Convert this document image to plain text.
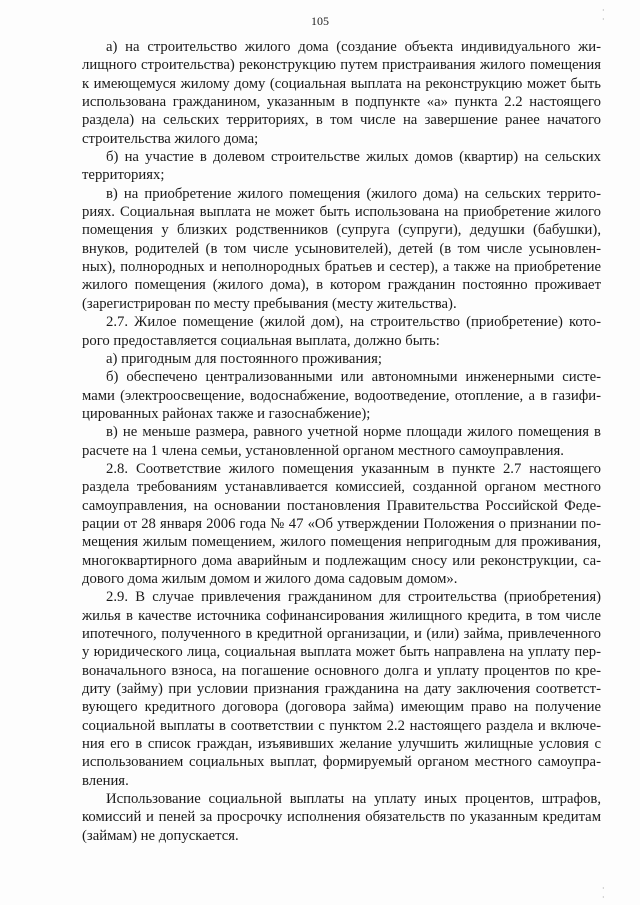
· ·
105

а) на строительство жилого дома (создание объекта индивидуального жилищного строительства) реконструкцию путем пристраивания жилого помещения к имеющемуся жилому дому (социальная выплата на реконструкцию может быть использована гражданином, указанным в подпункте «а» пункта 2.2 настоящего раздела) на сельских территориях, в том числе на завершение ранее начатого строительства жилого дома;

б) на участие в долевом строительстве жилых домов (квартир) на сельских территориях;

в) на приобретение жилого помещения (жилого дома) на сельских территориях. Социальная выплата не может быть использована на приобретение жилого помещения у близких родственников (супруга (супруги), дедушки (бабушки), внуков, родителей (в том числе усыновителей), детей (в том числе усыновленных), полнородных и неполнородных братьев и сестер), а также на приобретение жилого помещения (жилого дома), в котором гражданин постоянно проживает (зарегистрирован по месту пребывания (месту жительства).

2.7. Жилое помещение (жилой дом), на строительство (приобретение) которого предоставляется социальная выплата, должно быть:

а) пригодным для постоянного проживания;

б) обеспечено централизованными или автономными инженерными системами (электроосвещение, водоснабжение, водоотведение, отопление, а в газифицированных районах также и газоснабжение);

в) не меньше размера, равного учетной норме площади жилого помещения в расчете на 1 члена семьи, установленной органом местного самоуправления.

2.8. Соответствие жилого помещения указанным в пункте 2.7 настоящего раздела требованиям устанавливается комиссией, созданной органом местного самоуправления, на основании постановления Правительства Российской Федерации от 28 января 2006 года № 47 «Об утверждении Положения о признании помещения жилым помещением, жилого помещения непригодным для проживания, многоквартирного дома аварийным и подлежащим сносу или реконструкции, садового дома жилым домом и жилого дома садовым домом».

2.9. В случае привлечения гражданином для строительства (приобретения) жилья в качестве источника софинансирования жилищного кредита, в том числе ипотечного, полученного в кредитной организации, и (или) займа, привлеченного у юридического лица, социальная выплата может быть направлена на уплату первоначального взноса, на погашение основного долга и уплату процентов по кредиту (займу) при условии признания гражданина на дату заключения соответствующего кредитного договора (договора займа) имеющим право на получение социальной выплаты в соответствии с пунктом 2.2 настоящего раздела и включения его в список граждан, изъявивших желание улучшить жилищные условия с использованием социальных выплат, формируемый органом местного самоуправления.

Использование социальной выплаты на уплату иных процентов, штрафов, комиссий и пеней за просрочку исполнения обязательств по указанным кредитам (займам) не допускается.

· ·
